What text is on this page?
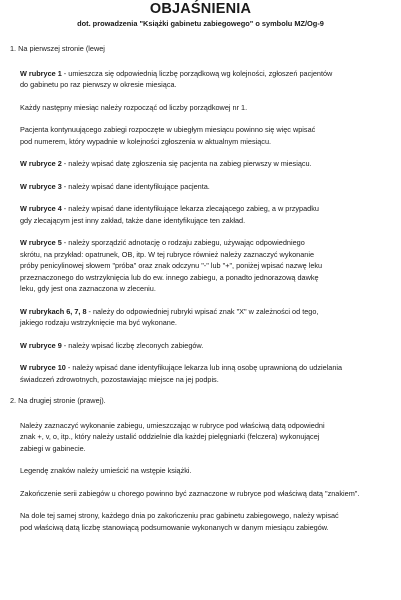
OBJAŚNIENIA
dot. prowadzenia "Książki gabinetu zabiegowego" o symbolu MZ/Og-9

1. Na pierwszej stronie (lewej

W rubryce 1 - umieszcza się odpowiednią liczbę porządkową wg kolejności, zgłoszeń pacjentów
do gabinetu po raz pierwszy w okresie miesiąca.

Każdy następny miesiąc należy rozpocząć od liczby porządkowej nr 1.

Pacjenta kontynuującego zabiegi rozpoczęte w ubiegłym miesiącu powinno się więc wpisać
pod numerem, który wypadnie w kolejności zgłoszenia w aktualnym miesiącu.

W rubryce 2 - należy wpisać datę zgłoszenia się pacjenta na zabieg pierwszy w miesiącu.

W rubryce 3 - należy wpisać dane identyfikujące pacjenta.

W rubryce 4 - należy wpisać dane identyfikujące lekarza zlecającego zabieg, a w przypadku
gdy zlecającym jest inny zakład, także dane identyfikujące ten zakład.

W rubryce 5 - należy sporządzić adnotację o rodzaju zabiegu, używając odpowiedniego
skrótu, na przykład: opatrunek, OB, itp. W tej rubryce również należy zaznaczyć wykonanie
próby penicylinowej słowem "próba" oraz znak odczynu "-" lub "+", poniżej wpisać nazwę leku
przeznaczonego do wstrzyknięcia lub do ew. innego zabiegu, a ponadto jednorazową dawkę
leku, gdy jest ona zaznaczona w zleceniu.

W rubrykach 6, 7, 8 - należy do odpowiedniej rubryki wpisać znak "X" w zależności od tego,
jakiego rodzaju wstrzyknięcie ma być wykonane.

W rubryce 9 - należy wpisać liczbę zleconych zabiegów.

W rubryce 10 - należy wpisać dane identyfikujące lekarza lub inną osobę uprawnioną do udzielania
świadczeń zdrowotnych, pozostawiając miejsce na jej podpis.

2. Na drugiej stronie (prawej).

Należy zaznaczyć wykonanie zabiegu, umieszczając w rubryce pod właściwą datą odpowiedni
znak +, v, o, itp., który należy ustalić oddzielnie dla każdej pielęgniarki (felczera) wykonującej
zabiegi w gabinecie.

Legendę znaków należy umieścić na wstępie książki.

Zakończenie serii zabiegów u chorego powinno być zaznaczone w rubryce pod właściwą datą "znakiem".

Na dole tej samej strony, każdego dnia po zakończeniu prac gabinetu zabiegowego, należy wpisać
pod właściwą datą liczbę stanowiącą podsumowanie wykonanych w danym miesiącu zabiegów.
